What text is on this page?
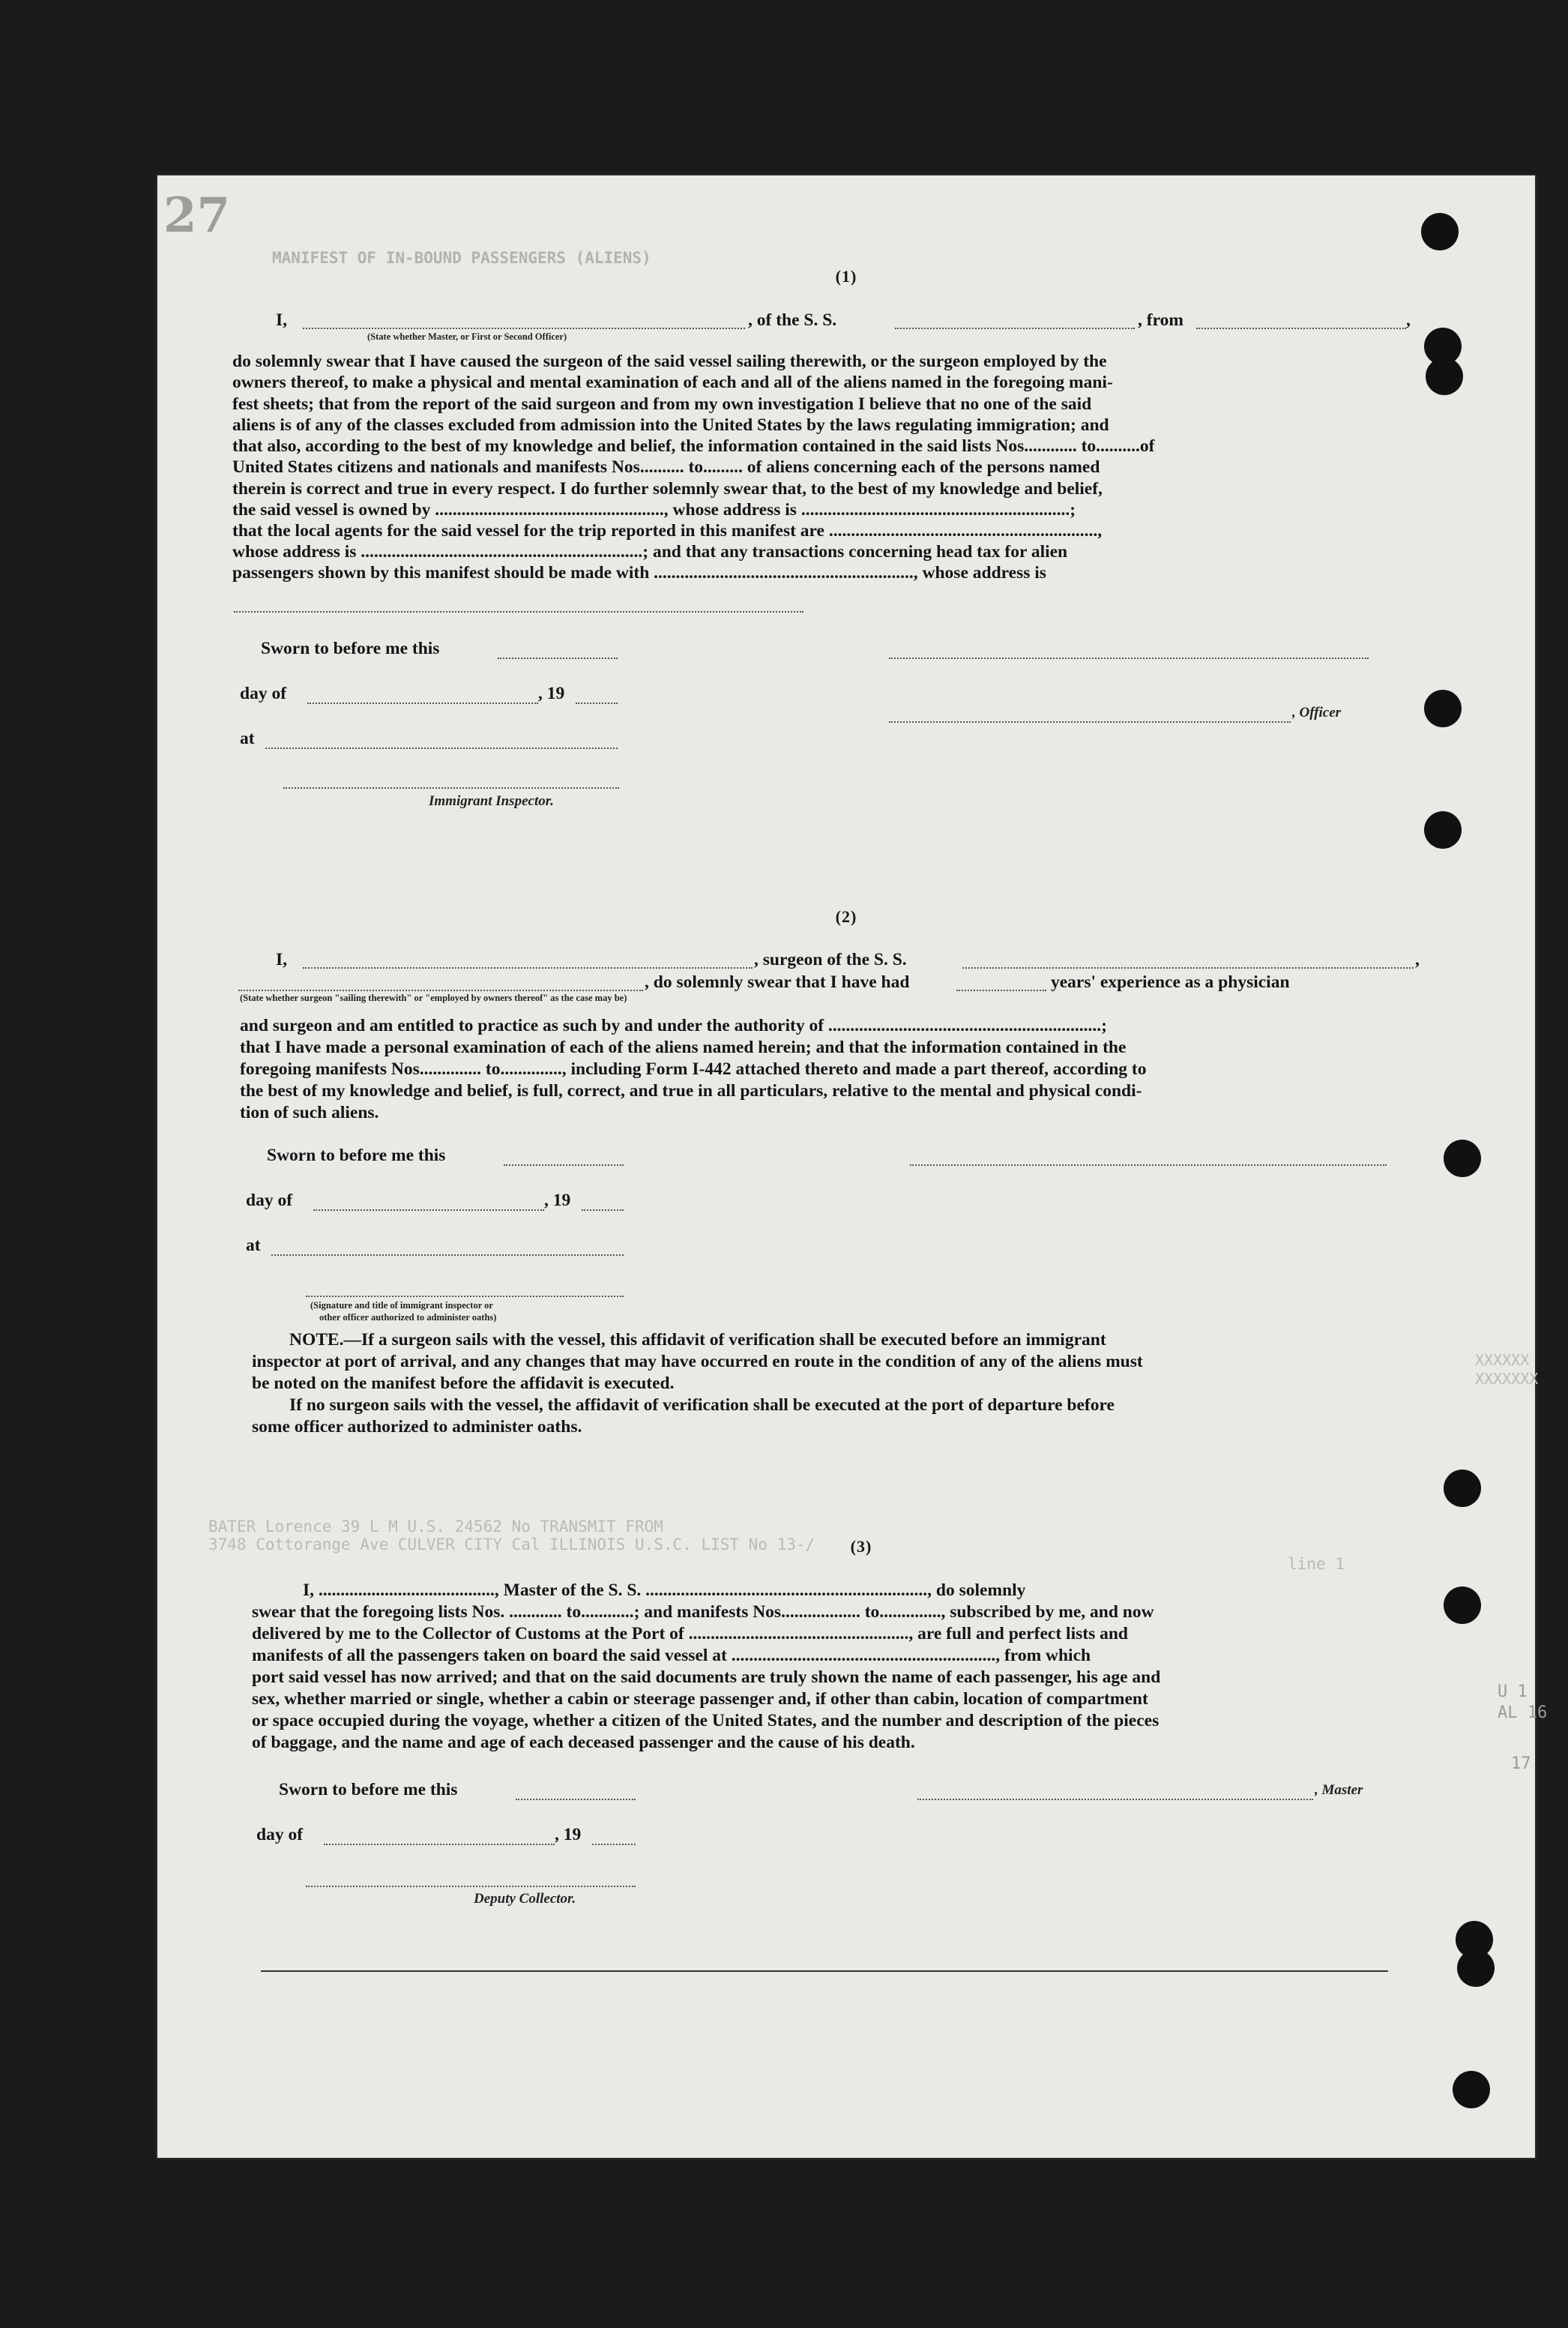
27
MANIFEST OF IN-BOUND PASSENGERS (ALIENS)
BATER Lorence 39 L M U.S. 24562 No TRANSMIT FROM
3748 Cottorange Ave CULVER CITY Cal ILLINOIS U.S.C. LIST No 13-/
line 1
XXXXXX
XXXXXXX
U 1
AL 16
17
(1)
I,	, of the S. S.	, from	,
(State whether Master, or First or Second Officer)
do solemnly swear that I have caused the surgeon of the said vessel sailing therewith, or the surgeon employed by the
owners thereof, to make a physical and mental examination of each and all of the aliens named in the foregoing mani-
fest sheets; that from the report of the said surgeon and from my own investigation I believe that no one of the said
aliens is of any of the classes excluded from admission into the United States by the laws regulating immigration; and
that also, according to the best of my knowledge and belief, the information contained in the said lists Nos............ to..........of
United States citizens and nationals and manifests Nos.......... to......... of aliens concerning each of the persons named
therein is correct and true in every respect. I do further solemnly swear that, to the best of my knowledge and belief,
the said vessel is owned by ...................................................., whose address is .............................................................;
that the local agents for the said vessel for the trip reported in this manifest are .............................................................,
whose address is ................................................................; and that any transactions concerning head tax for alien
passengers shown by this manifest should be made with ..........................................................., whose address is
Sworn to before me this
day of	, 19
, Officer
at
Immigrant Inspector.
(2)
I,	, surgeon of the S. S.	,
, do solemnly swear that I have had	years' experience as a physician
(State whether surgeon "sailing therewith" or "employed by owners thereof" as the case may be)
and surgeon and am entitled to practice as such by and under the authority of ..............................................................;
that I have made a personal examination of each of the aliens named herein; and that the information contained in the
foregoing manifests Nos.............. to.............., including Form I-442 attached thereto and made a part thereof, according to
the best of my knowledge and belief, is full, correct, and true in all particulars, relative to the mental and physical condi-
tion of such aliens.
Sworn to before me this
day of	, 19
at
(Signature and title of immigrant inspector or
other officer authorized to administer oaths)
NOTE.—If a surgeon sails with the vessel, this affidavit of verification shall be executed before an immigrant
inspector at port of arrival, and any changes that may have occurred en route in the condition of any of the aliens must
be noted on the manifest before the affidavit is executed.
If no surgeon sails with the vessel, the affidavit of verification shall be executed at the port of departure before
some officer authorized to administer oaths.
(3)
I, ........................................, Master of the S. S. ................................................................, do solemnly
swear that the foregoing lists Nos. ............ to............; and manifests Nos.................. to.............., subscribed by me, and now
delivered by me to the Collector of Customs at the Port of .................................................., are full and perfect lists and
manifests of all the passengers taken on board the said vessel at ............................................................, from which
port said vessel has now arrived; and that on the said documents are truly shown the name of each passenger, his age and
sex, whether married or single, whether a cabin or steerage passenger and, if other than cabin, location of compartment
or space occupied during the voyage, whether a citizen of the United States, and the number and description of the pieces
of baggage, and the name and age of each deceased passenger and the cause of his death.
Sworn to before me this	, Master
day of	, 19
Deputy Collector.
